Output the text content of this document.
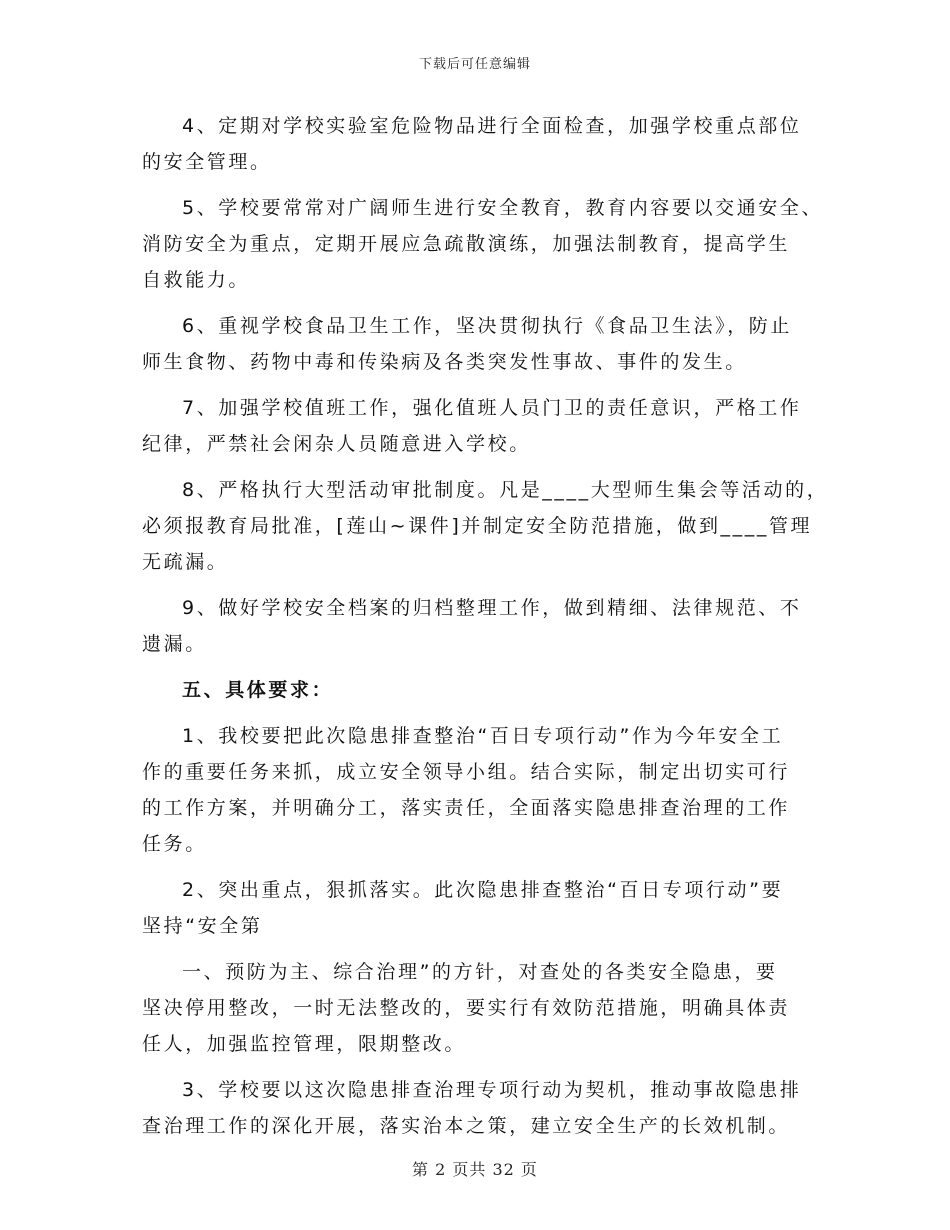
下载后可任意编辑
4、定期对学校实验室危险物品进行全面检查，加强学校重点部位
的安全管理。
5、学校要常常对广阔师生进行安全教育，教育内容要以交通安全、
消防安全为重点，定期开展应急疏散演练，加强法制教育，提高学生
自救能力。
6、重视学校食品卫生工作，坚决贯彻执行《食品卫生法》，防止
师生食物、药物中毒和传染病及各类突发性事故、事件的发生。
7、加强学校值班工作，强化值班人员门卫的责任意识，严格工作
纪律，严禁社会闲杂人员随意进入学校。
8、严格执行大型活动审批制度。凡是____大型师生集会等活动的，
必须报教育局批准，[莲山~课件]并制定安全防范措施，做到____管理
无疏漏。
9、做好学校安全档案的归档整理工作，做到精细、法律规范、不
遗漏。
五、具体要求：
1、我校要把此次隐患排查整治“百日专项行动”作为今年安全工
作的重要任务来抓，成立安全领导小组。结合实际，制定出切实可行
的工作方案，并明确分工，落实责任，全面落实隐患排查治理的工作
任务。
2、突出重点，狠抓落实。此次隐患排查整治“百日专项行动”要
坚持“安全第
一、预防为主、综合治理”的方针，对查处的各类安全隐患，要
坚决停用整改，一时无法整改的，要实行有效防范措施，明确具体责
任人，加强监控管理，限期整改。
3、学校要以这次隐患排查治理专项行动为契机，推动事故隐患排
查治理工作的深化开展，落实治本之策，建立安全生产的长效机制。
第 2 页共 32 页
